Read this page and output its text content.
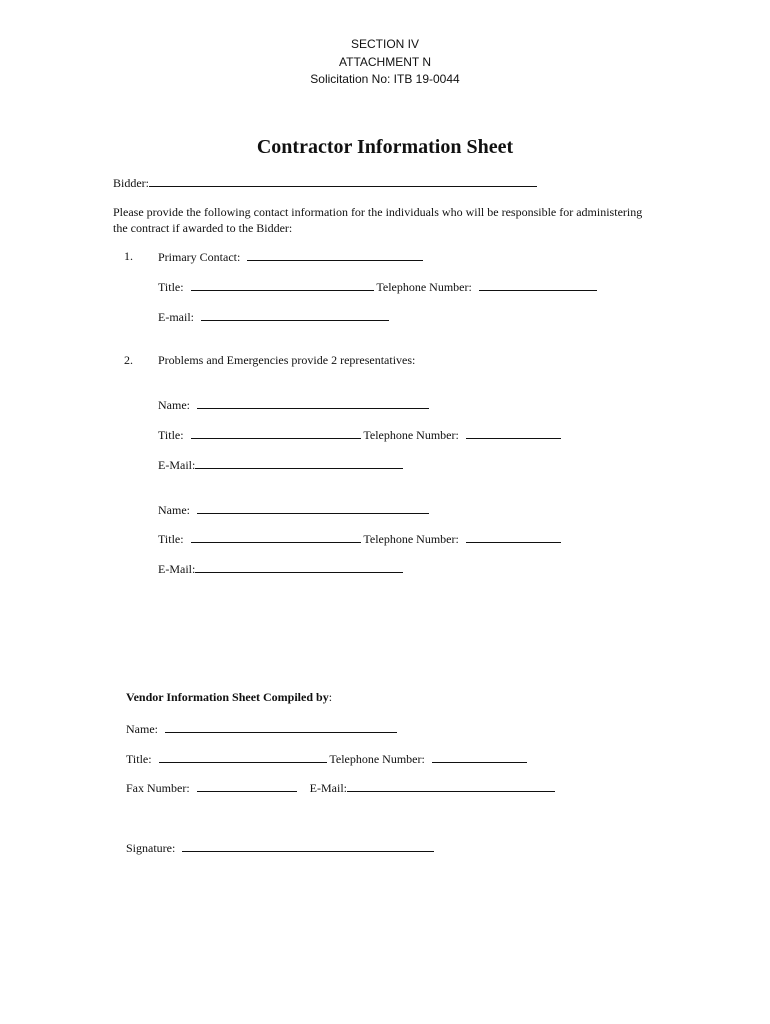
SECTION IV
ATTACHMENT N
Solicitation No: ITB 19-0044
Contractor Information Sheet
Bidder:
Please provide the following contact information for the individuals who will be responsible for administering the contract if awarded to the Bidder:
1. Primary Contact:
Title:	Telephone Number:
E-mail:
2. Problems and Emergencies provide 2 representatives:
Name:
Title:	Telephone Number:
E-Mail:
Name:
Title:	Telephone Number:
E-Mail:
Vendor Information Sheet Compiled by:
Name:
Title:	Telephone Number:
Fax Number:	E-Mail:
Signature:
